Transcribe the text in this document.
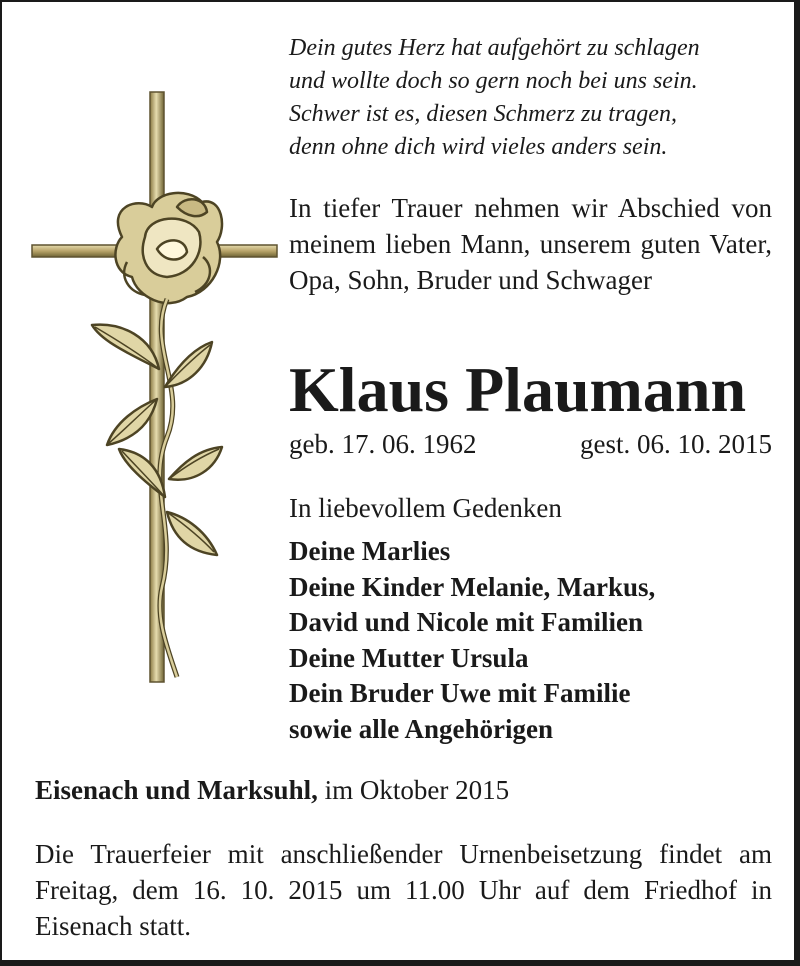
Dein gutes Herz hat aufgehört zu schlagen
und wollte doch so gern noch bei uns sein.
Schwer ist es, diesen Schmerz zu tragen,
denn ohne dich wird vieles anders sein.
In tiefer Trauer nehmen wir Abschied von meinem lieben Mann, unserem guten Vater, Opa, Sohn, Bruder und Schwager
Klaus Plaumann
geb. 17. 06. 1962	gest. 06. 10. 2015
In liebevollem Gedenken
Deine Marlies
Deine Kinder Melanie, Markus,
David und Nicole mit Familien
Deine Mutter Ursula
Dein Bruder Uwe mit Familie
sowie alle Angehörigen
Eisenach und Marksuhl, im Oktober 2015
Die Trauerfeier mit anschließender Urnenbeisetzung findet am Freitag, dem 16. 10. 2015 um 11.00 Uhr auf dem Friedhof in Eisenach statt.
